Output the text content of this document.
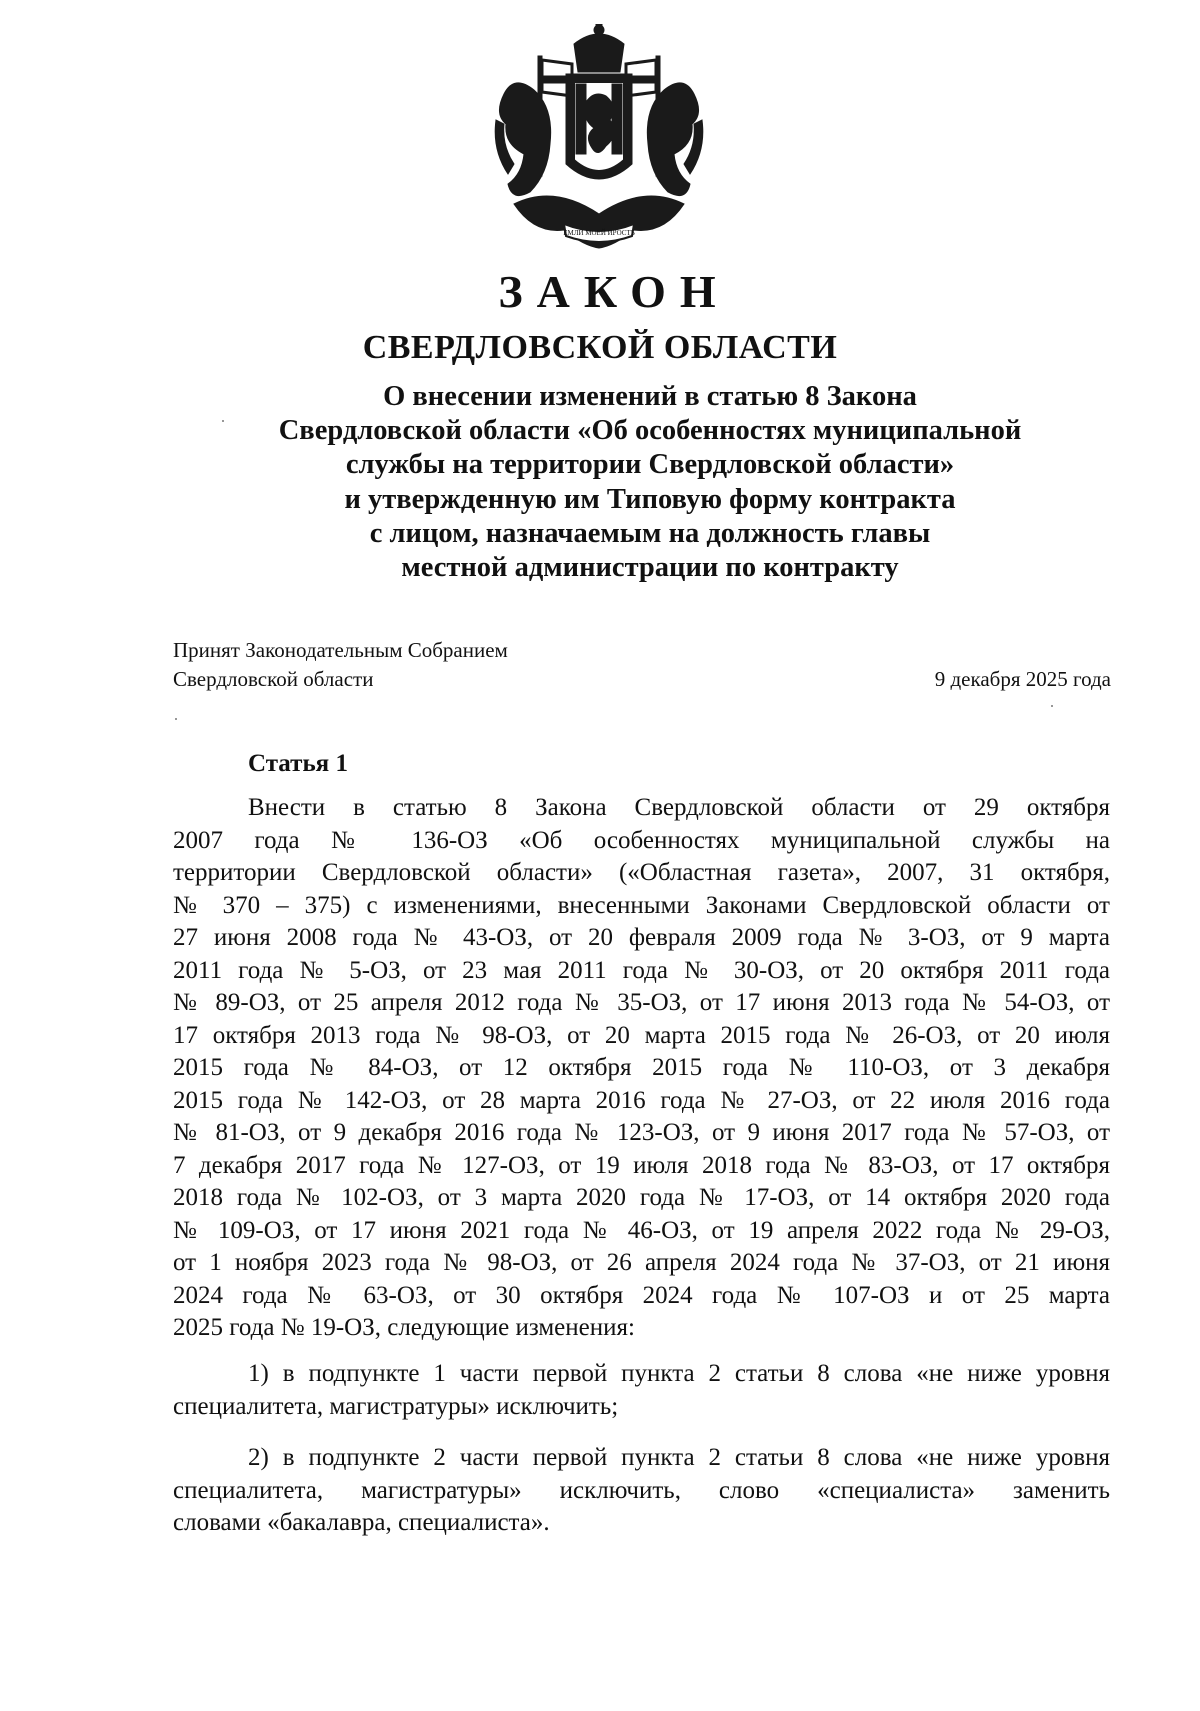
ЕМЛИ МОЕЙ ИРОСТЬ
ЗАКОН
СВЕРДЛОВСКОЙ ОБЛАСТИ
О внесении изменений в статью 8 Закона
Свердловской области «Об особенностях муниципальной
службы на территории Свердловской области»
и утвержденную им Типовую форму контракта
с лицом, назначаемым на должность главы
местной администрации по контракту
Принят Законодательным Собранием
Свердловской области	9 декабря 2025 года
Статья 1
Внести в статью 8 Закона Свердловской области от 29 октября
2007 года № 136-ОЗ «Об особенностях муниципальной службы на
территории Свердловской области» («Областная газета», 2007, 31 октября,
№ 370 – 375) с изменениями, внесенными Законами Свердловской области от
27 июня 2008 года № 43-ОЗ, от 20 февраля 2009 года № 3-ОЗ, от 9 марта
2011 года № 5-ОЗ, от 23 мая 2011 года № 30-ОЗ, от 20 октября 2011 года
№ 89-ОЗ, от 25 апреля 2012 года № 35-ОЗ, от 17 июня 2013 года № 54-ОЗ, от
17 октября 2013 года № 98-ОЗ, от 20 марта 2015 года № 26-ОЗ, от 20 июля
2015 года № 84-ОЗ, от 12 октября 2015 года № 110-ОЗ, от 3 декабря
2015 года № 142-ОЗ, от 28 марта 2016 года № 27-ОЗ, от 22 июля 2016 года
№ 81-ОЗ, от 9 декабря 2016 года № 123-ОЗ, от 9 июня 2017 года № 57-ОЗ, от
7 декабря 2017 года № 127-ОЗ, от 19 июля 2018 года № 83-ОЗ, от 17 октября
2018 года № 102-ОЗ, от 3 марта 2020 года № 17-ОЗ, от 14 октября 2020 года
№ 109-ОЗ, от 17 июня 2021 года № 46-ОЗ, от 19 апреля 2022 года № 29-ОЗ,
от 1 ноября 2023 года № 98-ОЗ, от 26 апреля 2024 года № 37-ОЗ, от 21 июня
2024 года № 63-ОЗ, от 30 октября 2024 года № 107-ОЗ и от 25 марта
2025 года № 19-ОЗ, следующие изменения:
1) в подпункте 1 части первой пункта 2 статьи 8 слова «не ниже уровня
специалитета, магистратуры» исключить;
2) в подпункте 2 части первой пункта 2 статьи 8 слова «не ниже уровня
специалитета, магистратуры» исключить, слово «специалиста» заменить
словами «бакалавра, специалиста».
